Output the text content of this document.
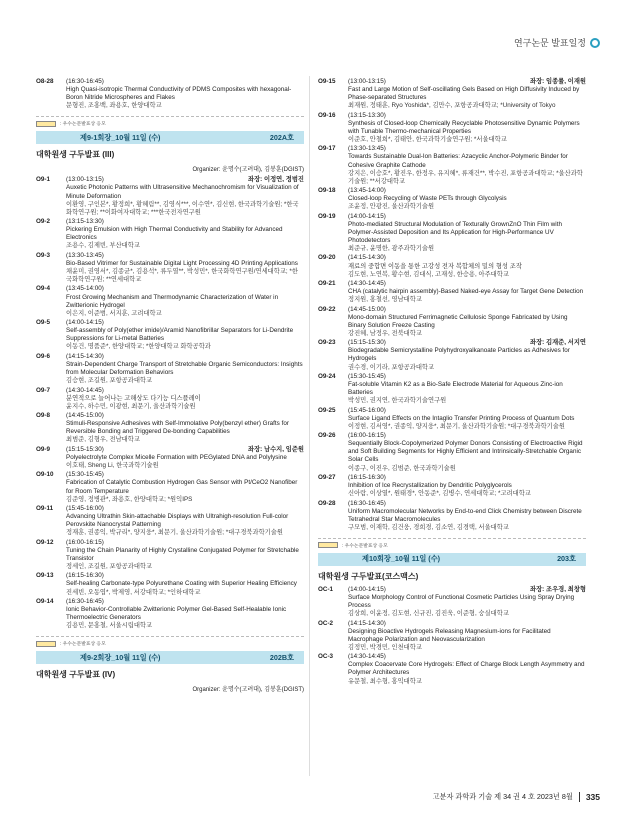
연구논문 발표일정
O8-28	(16:30-16:45)
High Quasi-isotropic Thermal Conductivity of PDMS Composites with hexagonal-Boron Nitride Microspheres and Flakes
문형진, 조홍백, 좌용호, 한양대학교
: 우수논문발표상 응모
제9-1회장_10월 11일 (수)	202A호
대학원생 구두발표 (III)
Organizer: 윤명수(고려대), 김봉훈(DGIST)
O9-1	(13:00-13:15)	좌장: 이정연, 정범진
Auxetic Photonic Patterns with Ultrasensitive Mechanochromism for Visualization of Minute Deformation
이환영, 구인본*, 황정희*, 황혜림**, 김영식***, 이수연*, 김신현, 한국과학기술원; *한국화학연구원; **이화여자대학교; ***한국전자연구원
O9-2	(13:15-13:30)
Pickering Emulsion with High Thermal Conductivity and Stability for Advanced Electronics
조용수, 김제빈, 부산대학교
O9-3	(13:30-13:45)
Bio-Based Vitrimer for Sustainable Digital Light Processing 4D Printing Applications
채윤미, 권영서*, 김종균*, 김용석*, 류두열**, 박성민*, 한국화학연구원/연세대학교; *한국화학연구원; **연세대학교
O9-4	(13:45-14:00)
Frost Growing Mechanism and Thermodynamic Characterization of Water in Zwitterionic Hydrogel
이은지, 이준범, 서지훈, 고려대학교
O9-5	(14:00-14:15)
Self-assembly of Poly(ether imide)/Aramid Nanofibrillar Separators for Li-Dendrite Suppressions for Li-metal Batteries
이동건, 명품준*, 한양대학교; *한양대학교 화학공학과
O9-6	(14:15-14:30)
Strain-Dependent Charge Transport of Stretchable Organic Semiconductors: Insights from Molecular Deformation Behaviors
김승현, 조길원, 포항공과대학교
O9-7	(14:30-14:45)
분연적으로 늘어나는 고해상도 다기능 디스플레이
윤지수, 하수민, 이광현, 최문기, 울산과학기술원
O9-8	(14:45-15:00)
Stimuli-Responsive Adhesives with Self-Immolative Poly(benzyl ether) Grafts for Reversible Bonding and Triggered De-bonding Capabilities
최범준, 김형우, 전남대학교
O9-9	(15:15-15:30)	좌장: 남수지, 임준원
Polyelectrolyte Complex Micelle Formation with PEGylated DNA and Polylysine
이호태, Sheng Li, 한국과학기술원
O9-10	(15:30-15:45)
Fabrication of Catalytic Combustion Hydrogen Gas Sensor with Pt/CeO2 Nanofiber for Room Temperature
김준영, 정병관*, 좌용호, 한양대학교; *원익IPS
O9-11	(15:45-16:00)
Advancing Ultrathin Skin-attachable Displays with Ultrahigh-resolution Full-color Perovskite Nanocrystal Patterning
정재훈, 권종익, 박규리*, 양지웅*, 최문기, 울산과학기술원; *대구경북과학기술원
O9-12	(16:00-16:15)
Tuning the Chain Planarity of Highly Crystalline Conjugated Polymer for Stretchable Transistor
정세인, 조길원, 포항공과대학교
O9-13	(16:15-16:30)
Self-healing Carbonate-type Polyurethane Coating with Superior Healing Efficiency
진세빈, 오동엽*, 박제영, 서강대학교; *인하대학교
O9-14	(16:30-16:45)
Ionic Behavior-Controllable Zwitterionic Polymer Gel-Based Self-Healable Ionic Thermoelectric Generators
김용민, 문홍철, 서울시립대학교
: 우수논문발표상 응모
제9-2회장_10월 11일 (수)	202B호
대학원생 구두발표 (IV)
Organizer: 윤명수(고려대), 김봉훈(DGIST)
O9-15	(13:00-13:15)	좌장: 임종률, 이재원
Fast and Large Motion of Self-oscillating Gels Based on High Diffusivity Induced by Phase-separated Structures
최재원, 정태훈, Ryo Yoshida*, 김만수, 포항공과대학교; *University of Tokyo
O9-16	(13:15-13:30)
Synthesis of Closed-loop Chemically Recyclable Photosensitive Dynamic Polymers with Tunable Thermo-mechanical Properties
이준호, 안철희*, 김태안, 한국과학기술연구원; *서울대학교
O9-17	(13:30-13:45)
Towards Sustainable Dual-Ion Batteries: Azacyclic Anchor-Polymeric Binder for Cohesive Graphite Cathode
강지은, 이승호*, 황진우, 한정우, 유지혜*, 류재건**, 박수진, 포항공과대학교; *울산과학기술원; **서강대학교
O9-18	(13:45-14:00)
Closed-loop Recycling of Waste PETs through Glycolysis
조윤정, 안광진, 울산과학기술원
O9-19	(14:00-14:15)
Photo-mediated Structural Modulation of Texturally GrownZnO Thin Film with Polymer-Assisted Deposition and Its Application for High-Performance UV Photodetectors
최준규, 윤명한, 광주과학기술원
O9-20	(14:15-14:30)
재료의 중합면 이동을 통한 고강성 전자 복합체의 밀의 형성 조작
김도현, 노연복, 황수현, 김대식, 고재성, 한승용, 아주대학교
O9-21	(14:30-14:45)
CHA (catalytic hairpin assembly)-Based Naked-eye Assay for Target Gene Detection
정지원, 홍철선, 영남대학교
O9-22	(14:45-15:00)
Mono-domain Structured Ferrimagnetic Cellulosic Sponge Fabricated by Using Binary Solution Freeze Casting
강진혜, 남정우, 전북대학교
O9-23	(15:15-15:30)	좌장: 김재준, 서지연
Biodegradable Semicrystalline Polyhydroxyalkanoate Particles as Adhesives for Hydrogels
권수경, 이기라, 포항공과대학교
O9-24	(15:30-15:45)
Fat-soluble Vitamin K2 as a Bio-Safe Electrode Material for Aqueous Zinc-ion Batteries
박성민, 권지연, 한국과학기술연구원
O9-25	(15:45-16:00)
Surface Ligand Effects on the Intaglio Transfer Printing Process of Quantum Dots
이정현, 김서영*, 권종익, 양지웅*, 최문기, 울산과학기술원; *대구경북과학기술원
O9-26	(16:00-16:15)
Sequentially Block-Copolymerized Polymer Donors Consisting of Electroactive Rigid and Soft Building Segments for Highly Efficient and Intrinsically-Stretchable Organic Solar Cells
이종구, 이진우, 김범준, 한국과학기술원
O9-27	(16:15-16:30)
Inhibition of Ice Recrystallization by Dendritic Polyglycerols
신아람, 이상열*, 원태경*, 안동준*, 김병수, 연세대학교; *고려대학교
O9-28	(16:30-16:45)
Uniform Macromolecular Networks by End-to-end Click Chemistry between Discrete Tetrahedral Star Macromolecules
구모범, 이재학, 김건웅, 경희경, 김소연, 김경택, 서울대학교
: 우수논문발표상 응모
제10회장_10월 11일 (수)	203호
대학원생 구두발표(코스맥스)
OC-1	(14:00-14:15)	좌장: 조우경, 최창형
Surface Morphology Control of Functional Cosmetic Particles Using Spray Drying Process
김상희, 이윤정, 김도현, 신규진, 김진욱, 이준형, 숭실대학교
OC-2	(14:15-14:30)
Designing Bioactive Hydrogels Releasing Magnesium-ions for Facilitated Macrophage Polarization and Neovascularization
김정민, 박경민, 인천대학교
OC-3	(14:30-14:45)
Complex Coacervate Core Hydrogels: Effect of Charge Block Length Asymmetry and Polymer Architectures
유문철, 최수형, 홍익대학교
고분자 과학과 기술 제 34 권 4 호 2023년 8월	335
